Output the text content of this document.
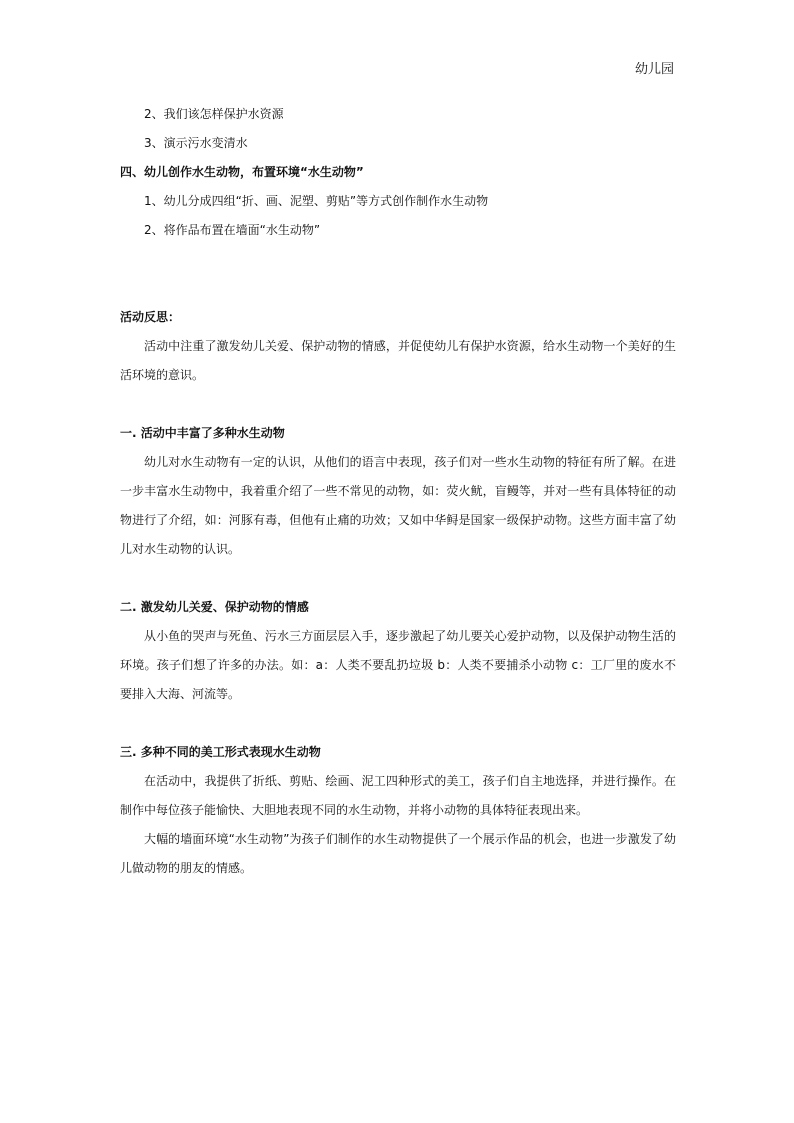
幼儿园
2、我们该怎样保护水资源
3、演示污水变清水
四、幼儿创作水生动物，布置环境“水生动物”
1、幼儿分成四组“折、画、泥塑、剪贴”等方式创作制作水生动物
2、将作品布置在墙面“水生动物”
活动反思：
活动中注重了激发幼儿关爱、保护动物的情感，并促使幼儿有保护水资源，给水生动物一个美好的生活环境的意识。
一. 活动中丰富了多种水生动物
幼儿对水生动物有一定的认识，从他们的语言中表现，孩子们对一些水生动物的特征有所了解。在进一步丰富水生动物中，我着重介绍了一些不常见的动物，如：荧火鱿，盲鳗等，并对一些有具体特征的动物进行了介绍，如：河豚有毒，但他有止痛的功效；又如中华鲟是国家一级保护动物。这些方面丰富了幼儿对水生动物的认识。
二. 激发幼儿关爱、保护动物的情感
从小鱼的哭声与死鱼、污水三方面层层入手，逐步激起了幼儿要关心爱护动物，以及保护动物生活的环境。孩子们想了许多的办法。如：a：人类不要乱扔垃圾 b：人类不要捕杀小动物 c：工厂里的废水不要排入大海、河流等。
三. 多种不同的美工形式表现水生动物
在活动中，我提供了折纸、剪贴、绘画、泥工四种形式的美工，孩子们自主地选择，并进行操作。在制作中每位孩子能愉快、大胆地表现不同的水生动物，并将小动物的具体特征表现出来。
大幅的墙面环境“水生动物”为孩子们制作的水生动物提供了一个展示作品的机会，也进一步激发了幼儿做动物的朋友的情感。
